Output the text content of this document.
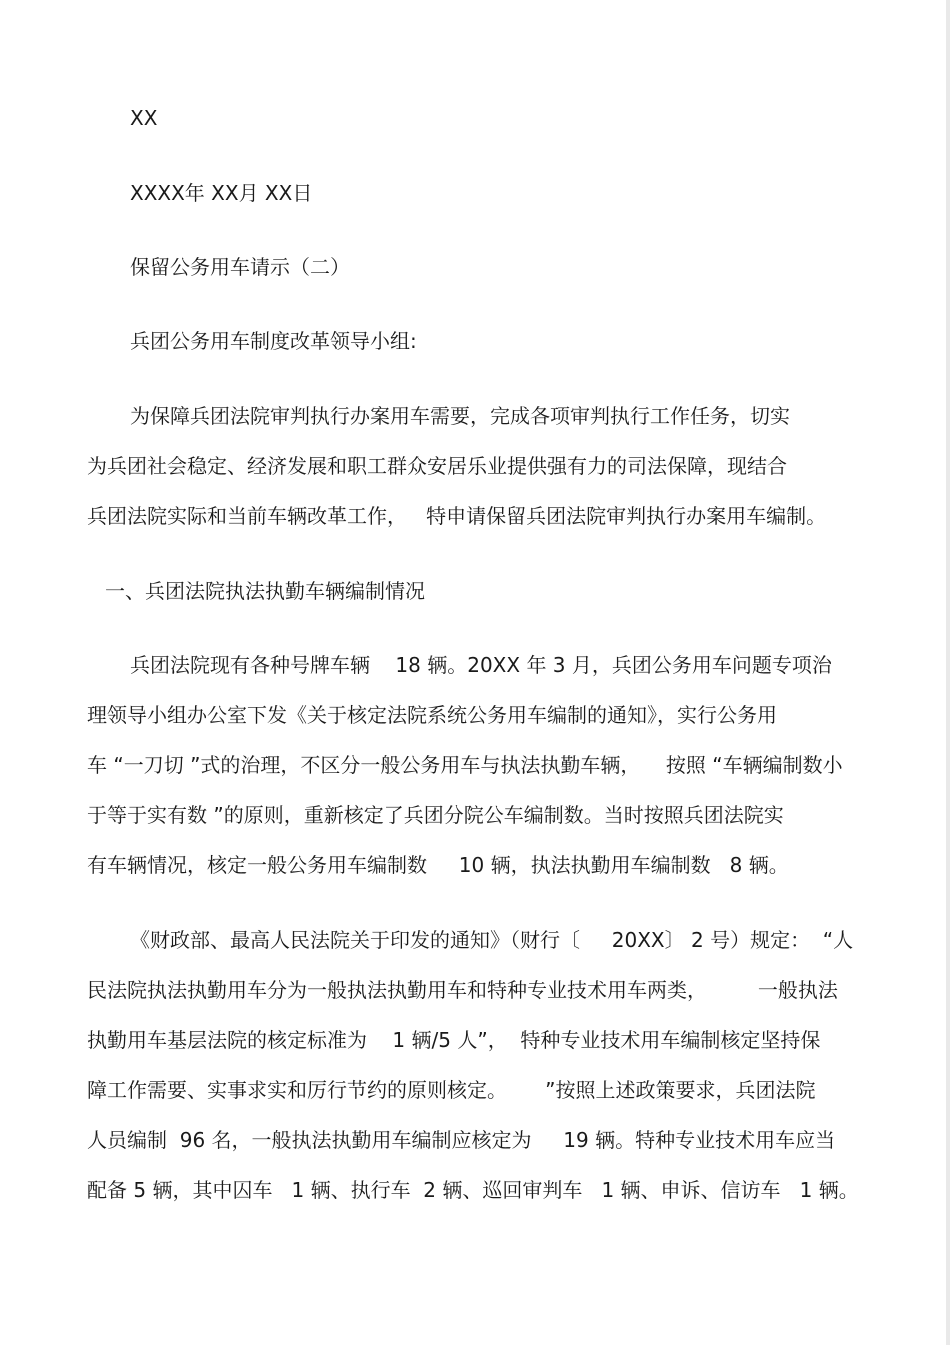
XX
XXXX年 XX月 XX日
保留公务用车请示（二）
兵团公务用车制度改革领导小组:
为保障兵团法院审判执行办案用车需要，完成各项审判执行工作任务，切实
为兵团社会稳定、经济发展和职工群众安居乐业提供强有力的司法保障，现结合
兵团法院实际和当前车辆改革工作，   特申请保留兵团法院审判执行办案用车编制。
一、兵团法院执法执勤车辆编制情况
兵团法院现有各种号牌车辆    18 辆。20XX 年 3 月，兵团公务用车问题专项治
理领导小组办公室下发《关于核定法院系统公务用车编制的通知》，实行公务用
车 “一刀切 ”式的治理，不区分一般公务用车与执法执勤车辆，    按照 “车辆编制数小
于等于实有数 ”的原则，重新核定了兵团分院公车编制数。当时按照兵团法院实
有车辆情况，核定一般公务用车编制数     10 辆，执法执勤用车编制数   8 辆。
《财政部、最高人民法院关于印发的通知》（财行〔     20XX〕 2 号）规定：  “人
民法院执法执勤用车分为一般执法执勤用车和特种专业技术用车两类，        一般执法
执勤用车基层法院的核定标准为    1 辆/5 人”，  特种专业技术用车编制核定坚持保
障工作需要、实事求实和厉行节约的原则核定。      ”按照上述政策要求，兵团法院
人员编制  96 名，一般执法执勤用车编制应核定为     19 辆。特种专业技术用车应当
配备 5 辆，其中囚车   1 辆、执行车  2 辆、巡回审判车   1 辆、申诉、信访车   1 辆。
